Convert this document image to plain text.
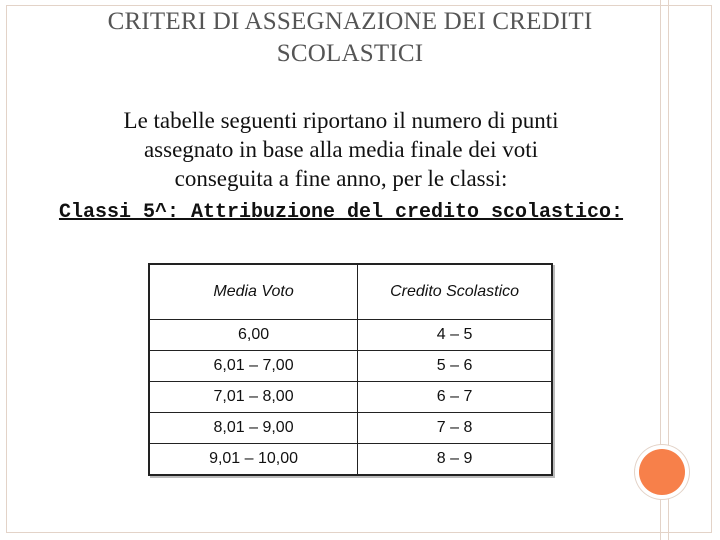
CRITERI DI ASSEGNAZIONE DEI CREDITI
SCOLASTICI
Le tabelle seguenti riportano il numero di punti
assegnato in base alla media finale dei voti
conseguita a fine anno, per le classi:
Classi 5^: Attribuzione del credito scolastico:
Media Voto	Credito Scolastico
6,00	4 – 5
6,01 – 7,00	5 – 6
7,01 – 8,00	6 – 7
8,01 – 9,00	7 – 8
9,01 – 10,00	8 – 9
